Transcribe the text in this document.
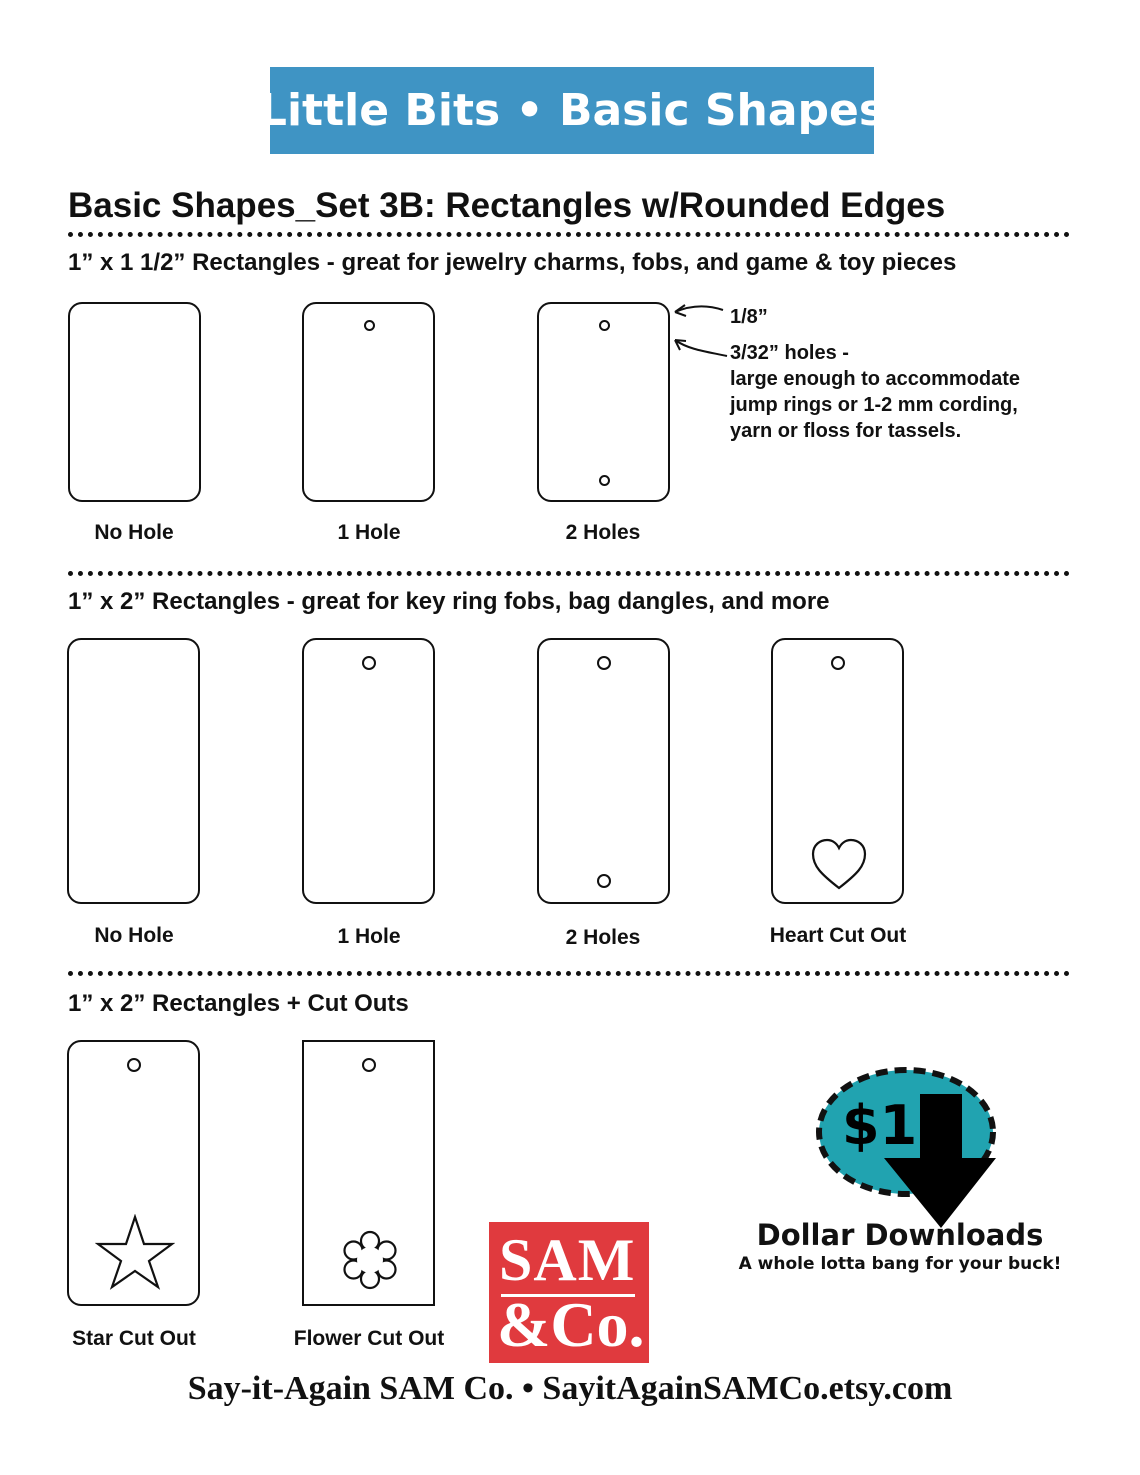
Little Bits • Basic Shapes
Basic Shapes_Set 3B: Rectangles w/Rounded Edges
1” x 1 1/2” Rectangles - great for jewelry charms, fobs, and game & toy pieces
No Hole	1 Hole	2 Holes
1/8”
3/32” holes -
large enough to accommodate
jump rings or 1-2 mm cording,
yarn or floss for tassels.
1” x 2” Rectangles - great for key ring fobs, bag dangles, and more
No Hole	1 Hole	2 Holes	Heart Cut Out
1” x 2” Rectangles + Cut Outs
Star Cut Out	Flower Cut Out
SAM
&Co.
$1
Dollar Downloads
A whole lotta bang for your buck!
Say-it-Again SAM Co. • SayitAgainSAMCo.etsy.com
